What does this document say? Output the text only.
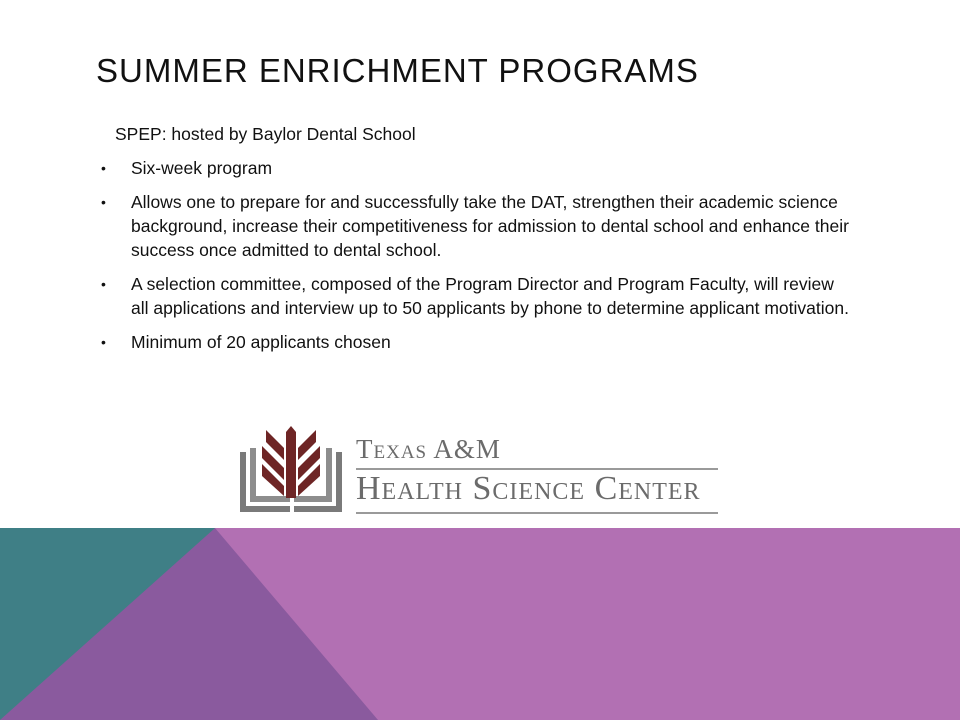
SUMMER ENRICHMENT PROGRAMS

SPEP: hosted by Baylor Dental School

• Six-week program
• Allows one to prepare for and successfully take the DAT, strengthen their academic science background, increase their competitiveness for admission to dental school and enhance their success once admitted to dental school.
• A selection committee, composed of the Program Director and Program Faculty, will review all applications and interview up to 50 applicants by phone to determine applicant motivation.
• Minimum of 20 applicants chosen
Texas A&M
Health Science Center
